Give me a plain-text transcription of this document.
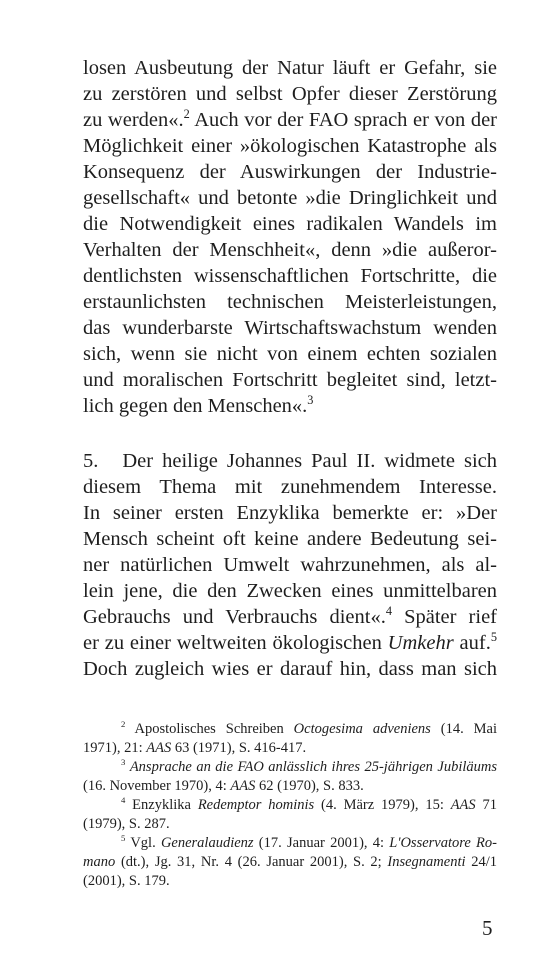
losen Ausbeutung der Natur läuft er Gefahr, sie
zu zerstören und selbst Opfer dieser Zerstörung
zu werden«.$^2$ Auch vor der FAO sprach er von der
Möglichkeit einer »ökologischen Katastrophe als
Konsequenz der Auswirkungen der Industrie-
gesellschaft« und betonte »die Dringlichkeit und
die Notwendigkeit eines radikalen Wandels im
Verhalten der Menschheit«, denn »die außeror-
dentlichsten wissenschaftlichen Fortschritte, die
erstaunlichsten technischen Meisterleistungen,
das wunderbarste Wirtschaftswachstum wenden
sich, wenn sie nicht von einem echten sozialen
und moralischen Fortschritt begleitet sind, letzt-
lich gegen den Menschen«.$^3$
5. Der heilige Johannes Paul II. widmete sich
diesem Thema mit zunehmendem Interesse.
In seiner ersten Enzyklika bemerkte er: »Der
Mensch scheint oft keine andere Bedeutung sei-
ner natürlichen Umwelt wahrzunehmen, als al-
lein jene, die den Zwecken eines unmittelbaren
Gebrauchs und Verbrauchs dient«.$^4$ Später rief
er zu einer weltweiten ökologischen Umkehr auf.$^5$
Doch zugleich wies er darauf hin, dass man sich
$^2$ Apostolisches Schreiben Octogesima adveniens (14. Mai
1971), 21: AAS 63 (1971), S. 416-417.
$^3$ Ansprache an die FAO anlässlich ihres 25-jährigen Jubiläums
(16. November 1970), 4: AAS 62 (1970), S. 833.
$^4$ Enzyklika Redemptor hominis (4. März 1979), 15: AAS 71
(1979), S. 287.
$^5$ Vgl. Generalaudienz (17. Januar 2001), 4: L'Osservatore Ro-
mano (dt.), Jg. 31, Nr. 4 (26. Januar 2001), S. 2; Insegnamenti 24/1
(2001), S. 179.
5
